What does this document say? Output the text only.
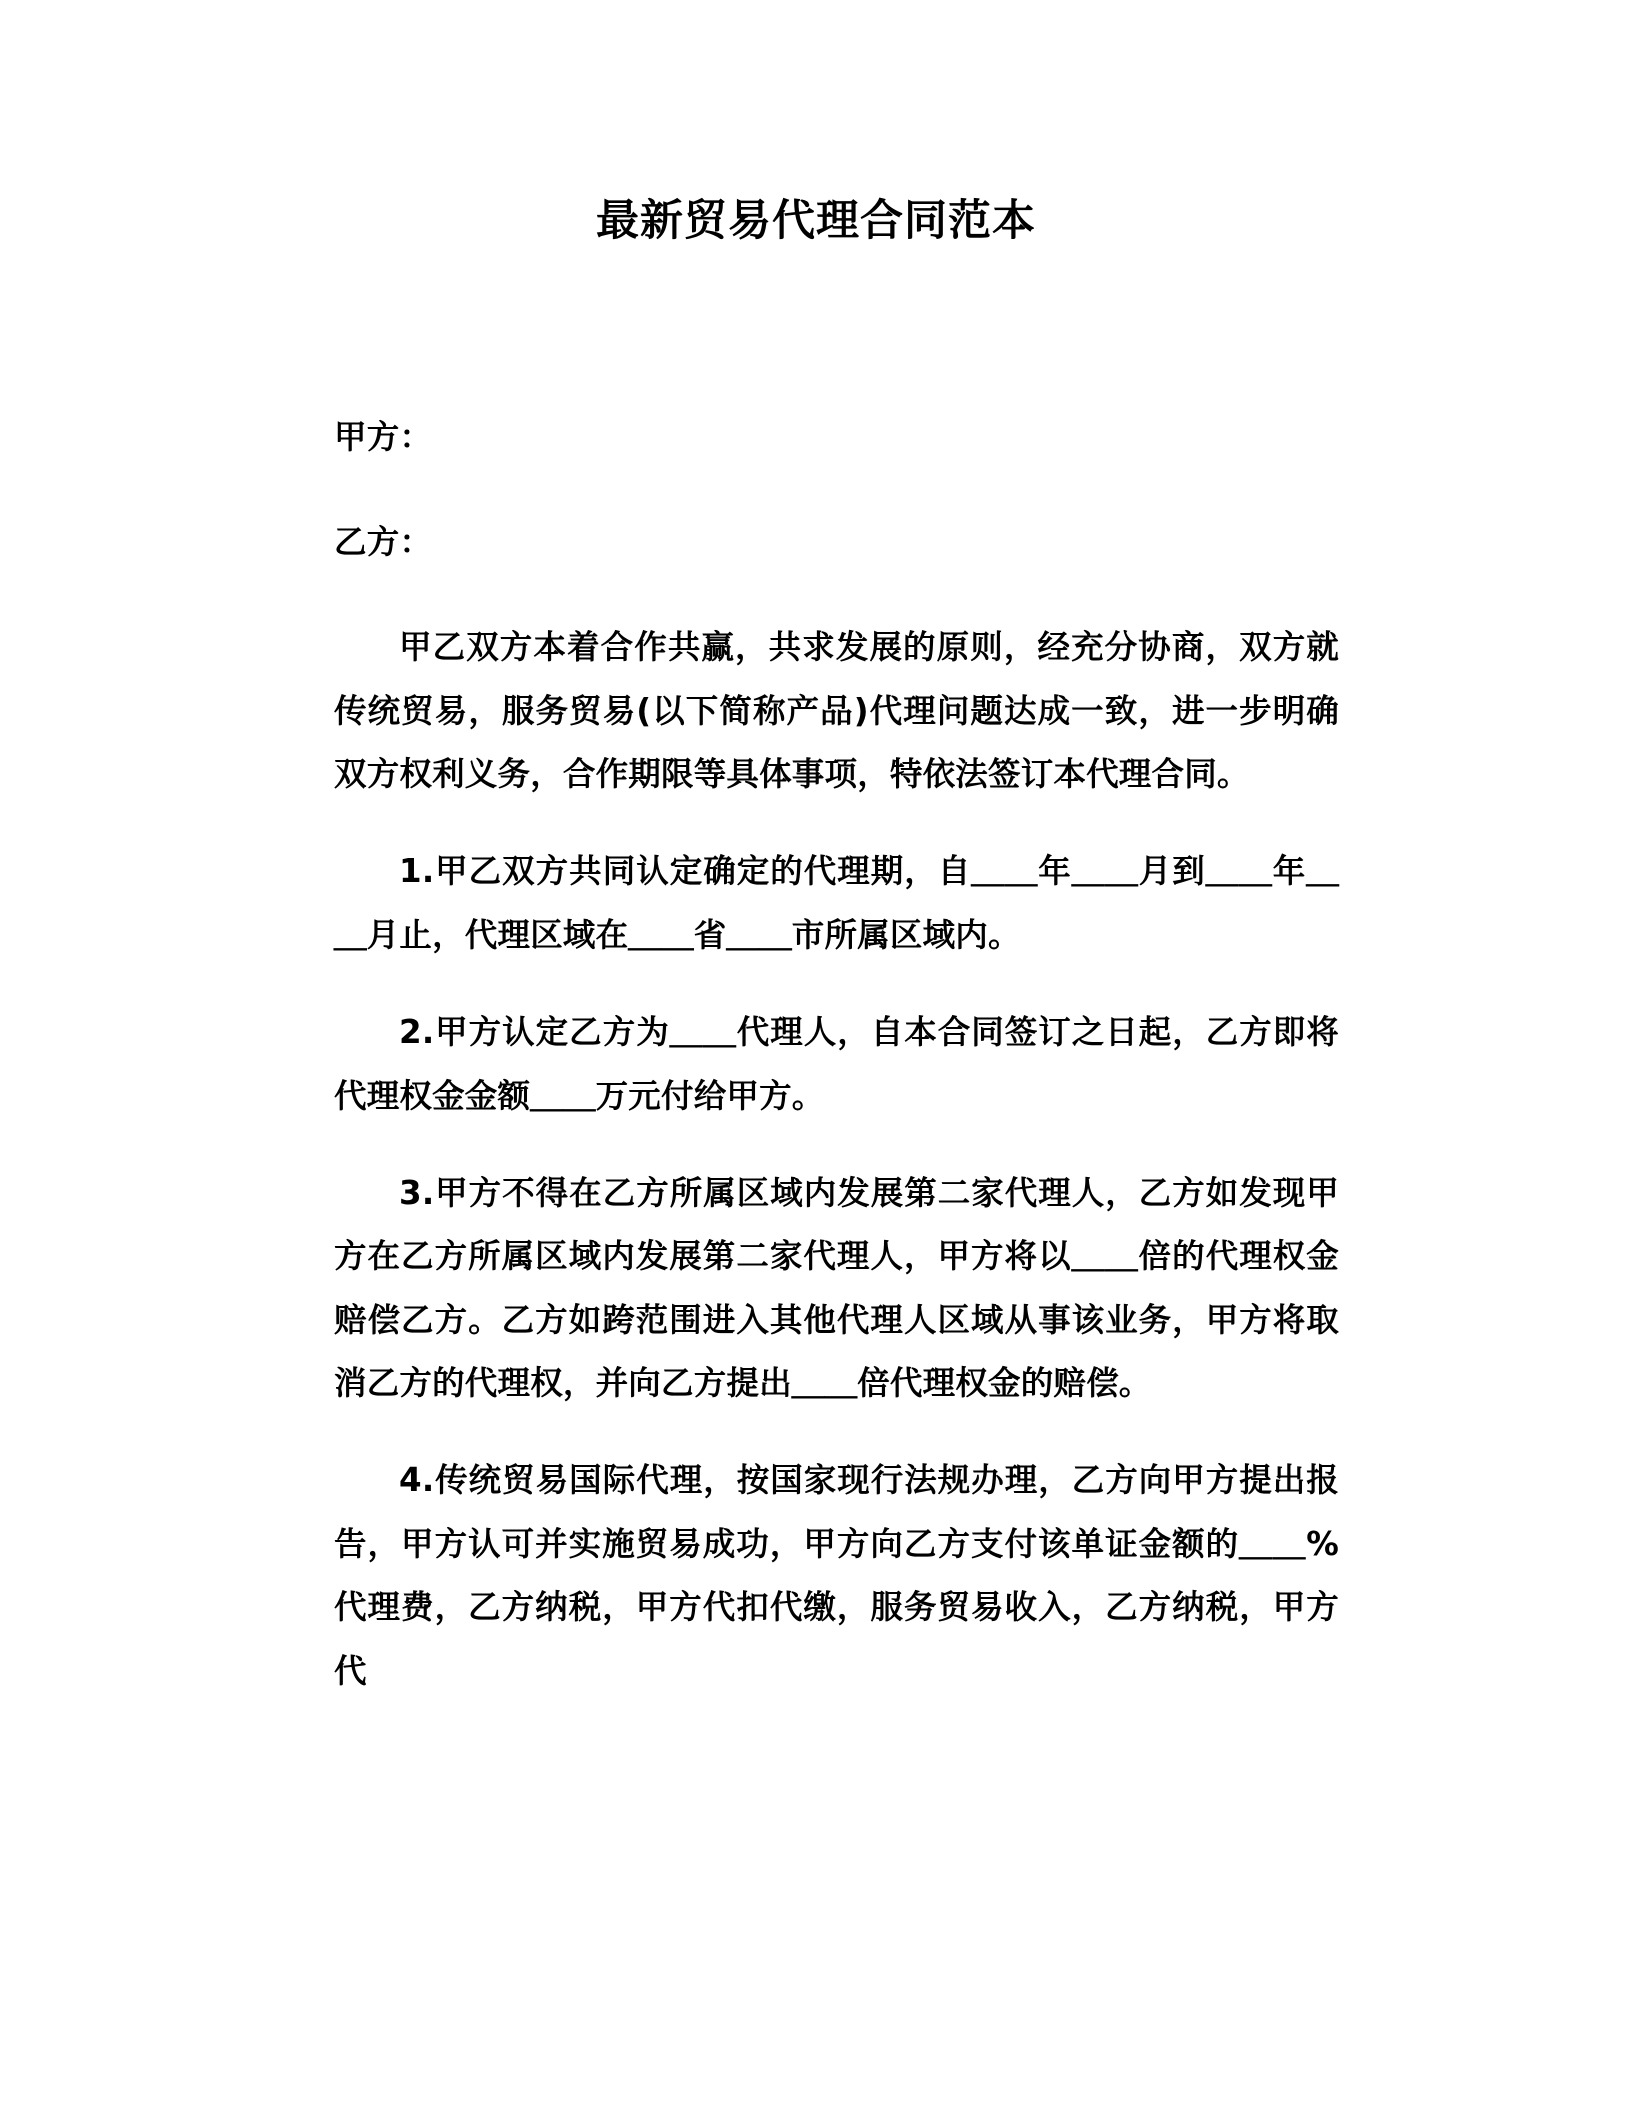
最新贸易代理合同范本

甲方：

乙方：

甲乙双方本着合作共赢，共求发展的原则，经充分协商，双方就传统贸易，服务贸易(以下简称产品)代理问题达成一致，进一步明确双方权利义务，合作期限等具体事项，特依法签订本代理合同。

1.甲乙双方共同认定确定的代理期，自＿＿年＿＿月到＿＿年＿＿月止，代理区域在＿＿省＿＿市所属区域内。

2.甲方认定乙方为＿＿代理人，自本合同签订之日起，乙方即将代理权金金额＿＿万元付给甲方。

3.甲方不得在乙方所属区域内发展第二家代理人，乙方如发现甲方在乙方所属区域内发展第二家代理人，甲方将以＿＿倍的代理权金赔偿乙方。乙方如跨范围进入其他代理人区域从事该业务，甲方将取消乙方的代理权，并向乙方提出＿＿倍代理权金的赔偿。

4.传统贸易国际代理，按国家现行法规办理，乙方向甲方提出报告，甲方认可并实施贸易成功，甲方向乙方支付该单证金额的＿＿%代理费，乙方纳税，甲方代扣代缴，服务贸易收入，乙方纳税，甲方代
